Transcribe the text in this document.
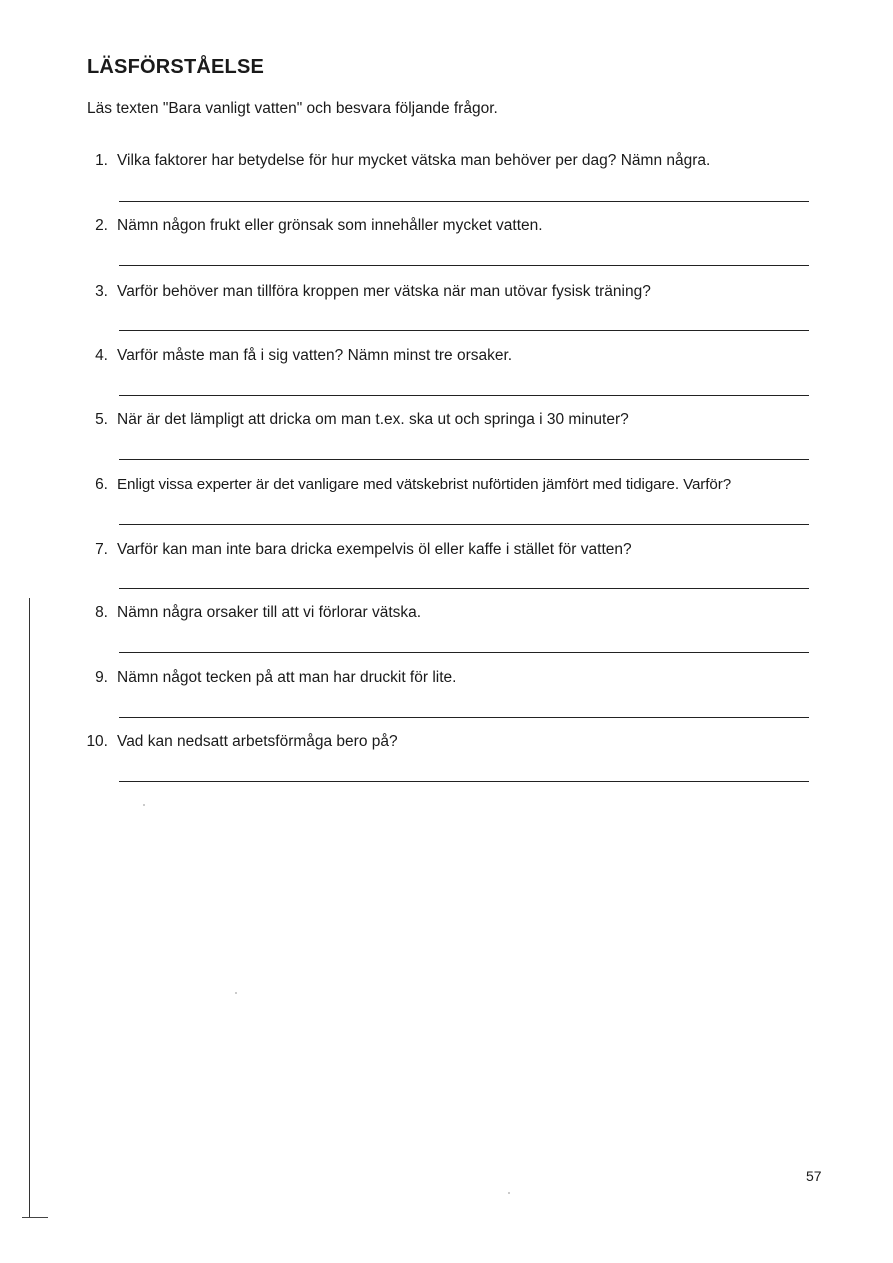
LÄSFÖRSTÅELSE

Läs texten "Bara vanligt vatten" och besvara följande frågor.

1. Vilka faktorer har betydelse för hur mycket vätska man behöver per dag? Nämn några.
2. Nämn någon frukt eller grönsak som innehåller mycket vatten.
3. Varför behöver man tillföra kroppen mer vätska när man utövar fysisk träning?
4. Varför måste man få i sig vatten? Nämn minst tre orsaker.
5. När är det lämpligt att dricka om man t.ex. ska ut och springa i 30 minuter?
6. Enligt vissa experter är det vanligare med vätskebrist nuförtiden jämfört med tidigare. Varför?
7. Varför kan man inte bara dricka exempelvis öl eller kaffe i stället för vatten?
8. Nämn några orsaker till att vi förlorar vätska.
9. Nämn något tecken på att man har druckit för lite.
10. Vad kan nedsatt arbetsförmåga bero på?
57
